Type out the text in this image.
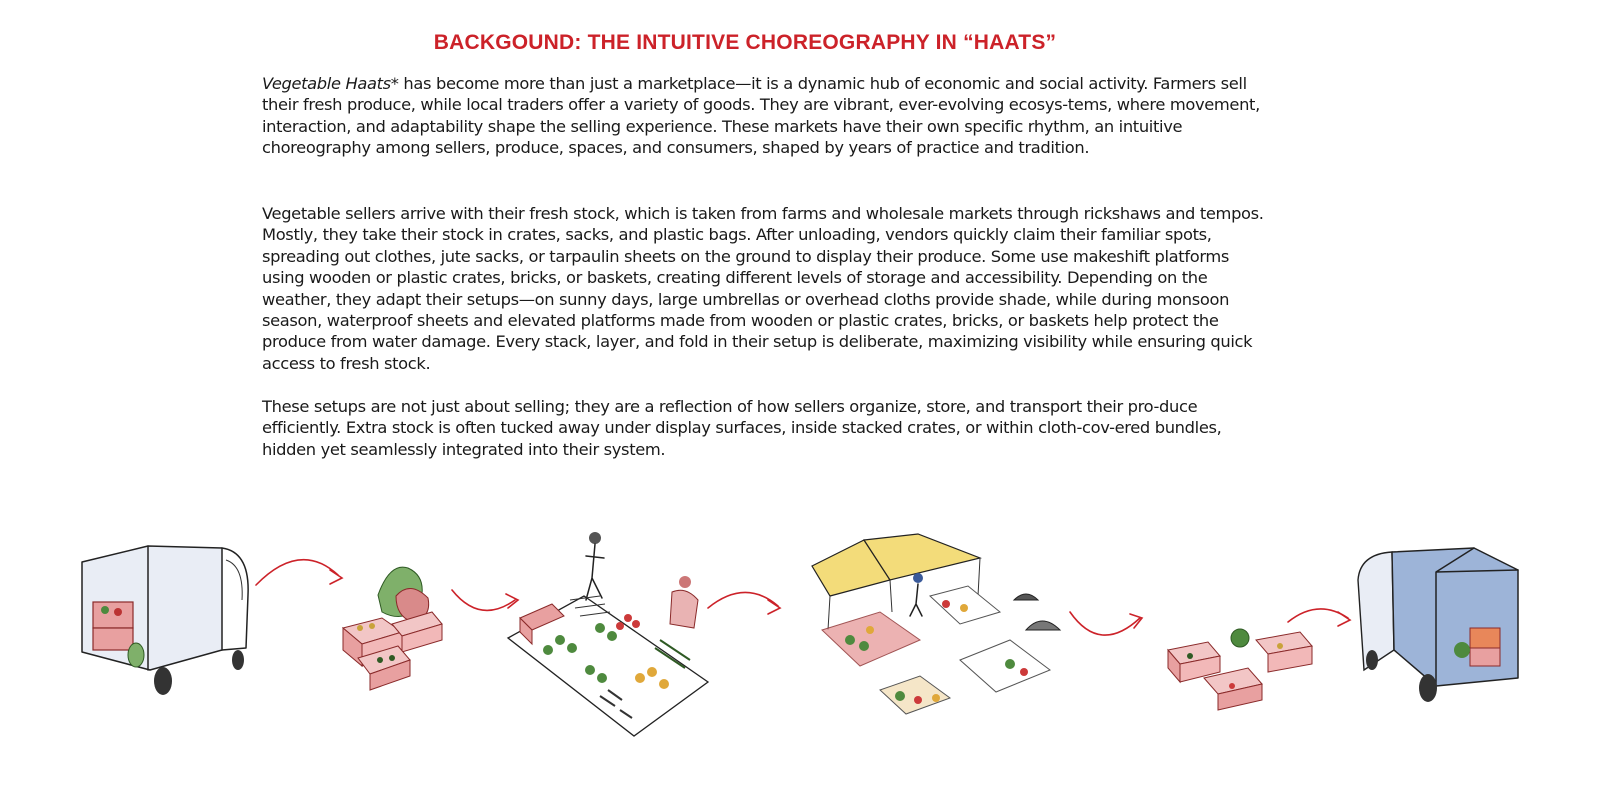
BACKGOUND: THE INTUITIVE CHOREOGRAPHY IN “HAATS”

Vegetable Haats* has become more than just a marketplace—it is a dynamic hub of economic and social activity. Farmers sell their fresh produce, while local traders offer a variety of goods. They are vibrant, ever-evolving ecosys-tems, where movement, interaction, and adaptability shape the selling experience. These markets have their own specific rhythm, an intuitive choreography among sellers, produce, spaces, and consumers, shaped by years of practice and tradition.

Vegetable sellers arrive with their fresh stock, which is taken from farms and wholesale markets through rickshaws and tempos. Mostly, they take their stock in crates, sacks, and plastic bags. After unloading, vendors quickly claim their familiar spots, spreading out clothes, jute sacks, or tarpaulin sheets on the ground to display their produce. Some use makeshift platforms using wooden or plastic crates, bricks, or baskets, creating different levels of storage and accessibility. Depending on the weather, they adapt their setups—on sunny days, large umbrellas or overhead cloths provide shade, while during monsoon season, waterproof sheets and elevated platforms made from wooden or plastic crates, bricks, or baskets help protect the produce from water damage. Every stack, layer, and fold in their setup is deliberate, maximizing visibility while ensuring quick access to fresh stock.

These setups are not just about selling; they are a reflection of how sellers organize, store, and transport their pro-duce efficiently. Extra stock is often tucked away under display surfaces, inside stacked crates, or within cloth-cov-ered bundles, hidden yet seamlessly integrated into their system.
